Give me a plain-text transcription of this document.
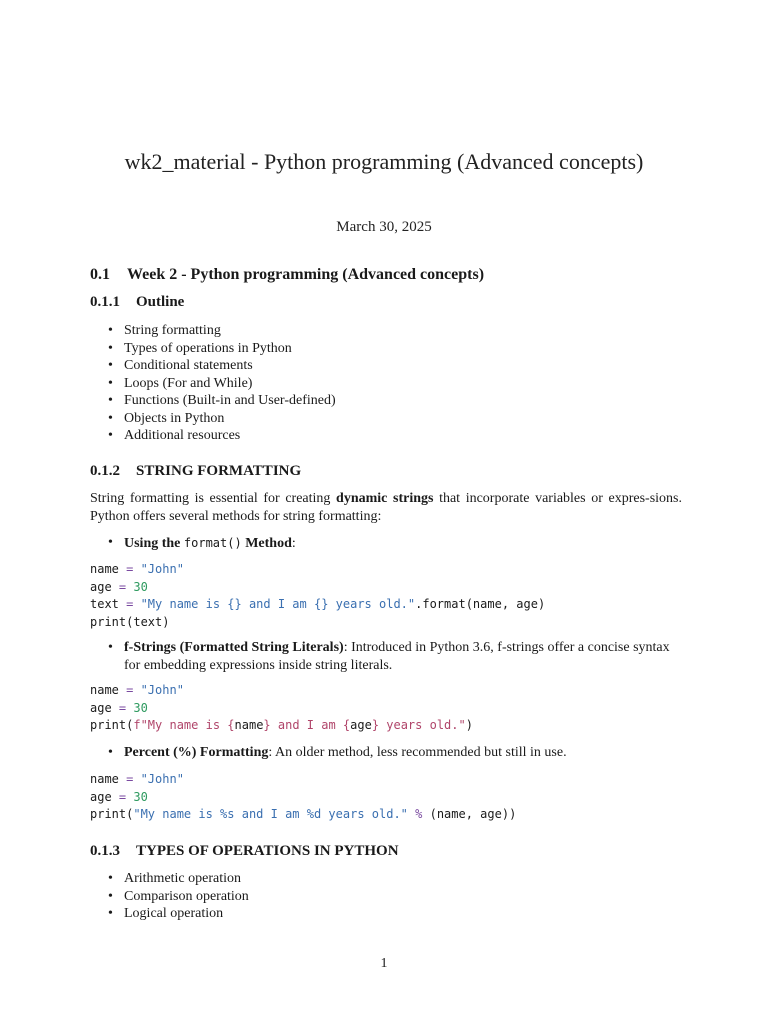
wk2_material - Python programming (Advanced concepts)
March 30, 2025
0.1 Week 2 - Python programming (Advanced concepts)
0.1.1 Outline
• String formatting
• Types of operations in Python
• Conditional statements
• Loops (For and While)
• Functions (Built-in and User-defined)
• Objects in Python
• Additional resources
0.1.2 STRING FORMATTING
String formatting is essential for creating dynamic strings that incorporate variables or expres-sions. Python offers several methods for string formatting:
• Using the format() Method:
name = "John"
age = 30
text = "My name is {} and I am {} years old.".format(name, age)
print(text)
• f-Strings (Formatted String Literals): Introduced in Python 3.6, f-strings offer a concise syntax for embedding expressions inside string literals.
name = "John"
age = 30
print(f"My name is {name} and I am {age} years old.")
• Percent (%) Formatting: An older method, less recommended but still in use.
name = "John"
age = 30
print("My name is %s and I am %d years old." % (name, age))
0.1.3 TYPES OF OPERATIONS IN PYTHON
• Arithmetic operation
• Comparison operation
• Logical operation
1
